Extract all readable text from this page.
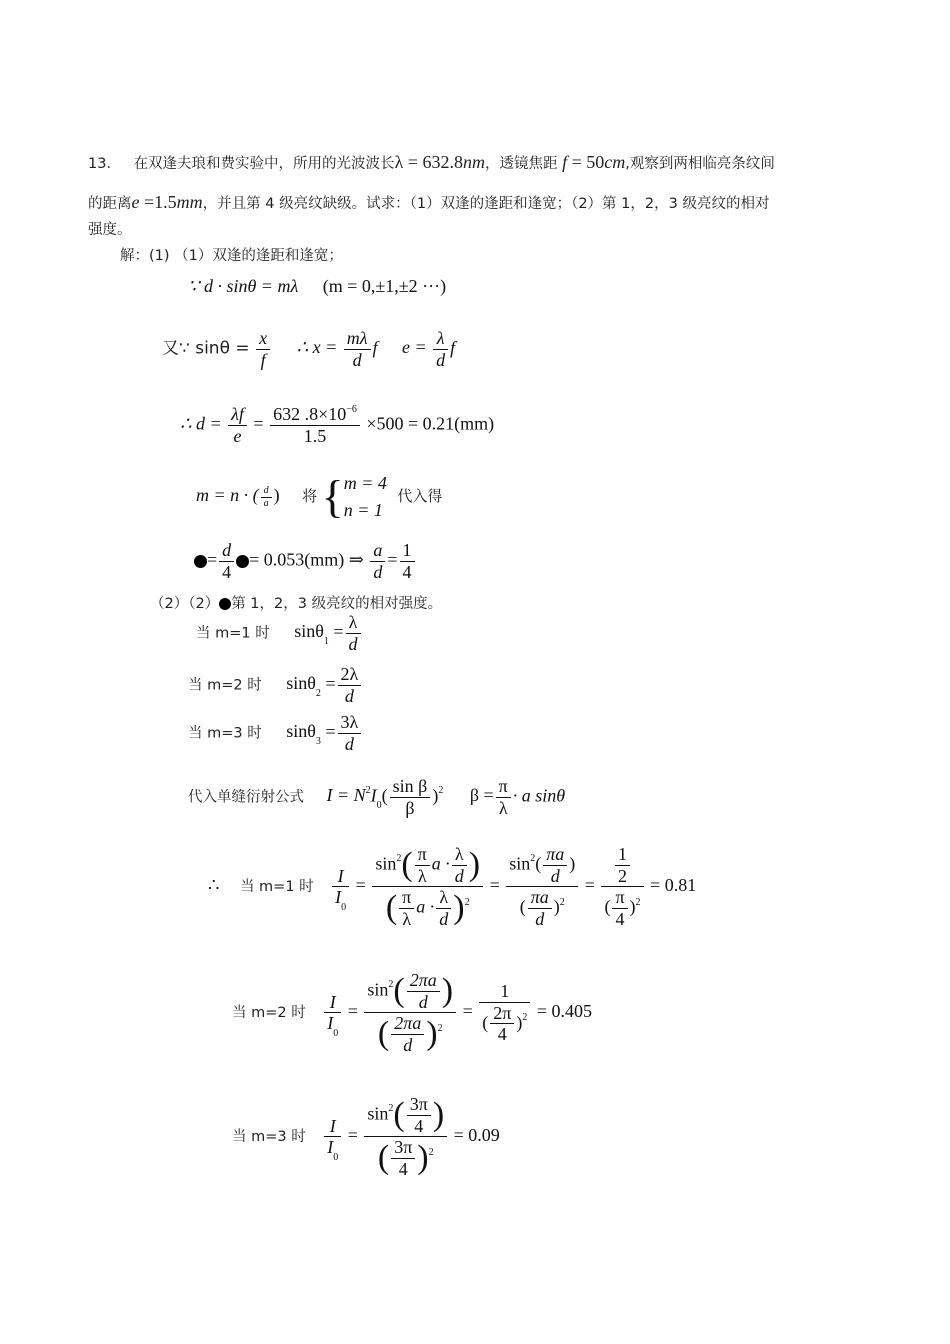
13． 在双逢夫琅和费实验中，所用的光波波长λ = 632.8nm，透镜焦距 f = 50cm,观察到两相临亮条纹间
的距离e =1.5mm，并且第 4 级亮纹缺级。试求：（1）双逢的逢距和逢宽；（2）第 1，2，3 级亮纹的相对
强度。
解：(1) （1）双逢的逢距和逢宽；
∵ d · sinθ = mλ (m = 0,±1,±2 ···)
又∵ $\sin\theta = \frac{x}{f}$ ∴ $x = \frac{m\lambda}{d}$ f $e = \frac{\lambda}{d}$ f
∴ $d = \frac{\lambda f}{e} = \frac{632 .8\times 10^{-6}}{1.5} \times 500 = 0.21(mm)$
m = n · ( $\frac{d}{a}$ ) 将 { m = 4
n = 1
代入得
= $\frac{d}{4} = 0.053(mm)$ ⇒ $\frac{a}{d} = \frac{1}{4}$
（2）（2） 第 1，2，3 级亮纹的相对强度。
当 m=1 时 $\sin\theta_1 = \frac{\lambda}{d}$
当 m=2 时 $\sin\theta_2 = \frac{2\lambda}{d}$
当 m=3 时 $\sin\theta_3 = \frac{3\lambda}{d}$
代入单缝衍射公式 $I = N^2I_0( \frac{\text{sin β}}{\beta} )^2$ $\beta = \frac{\pi}{\lambda} \cdot a$ sinθ
∴ 当 m=1 时 $\frac{I}{I_0} = \frac{\sin^2( \frac{\pi}{\lambda} a \cdot \frac{\lambda}{d} )}{( \frac{\pi}{\lambda} a \cdot \frac{\lambda}{d} )^2} = \frac{\sin^2( \frac{\pi a}{d} )}{( \frac{\pi a}{d} )^2} = \frac{\frac{1}{2}}{( \frac{\pi}{4} )^2} = 0.81$
当 m=2 时 $\frac{I}{I_0} = \frac{\sin^2( \frac{2\pi a}{d} )}{( \frac{2\pi a}{d} )^2} = \frac{1}{( \frac{2\pi}{4} )^2} = 0.405$
当 m=3 时 $\frac{I}{I_0} = \frac{\sin^2( \frac{3\pi}{4} )}{( \frac{3\pi}{4} )^2} = 0.09$
